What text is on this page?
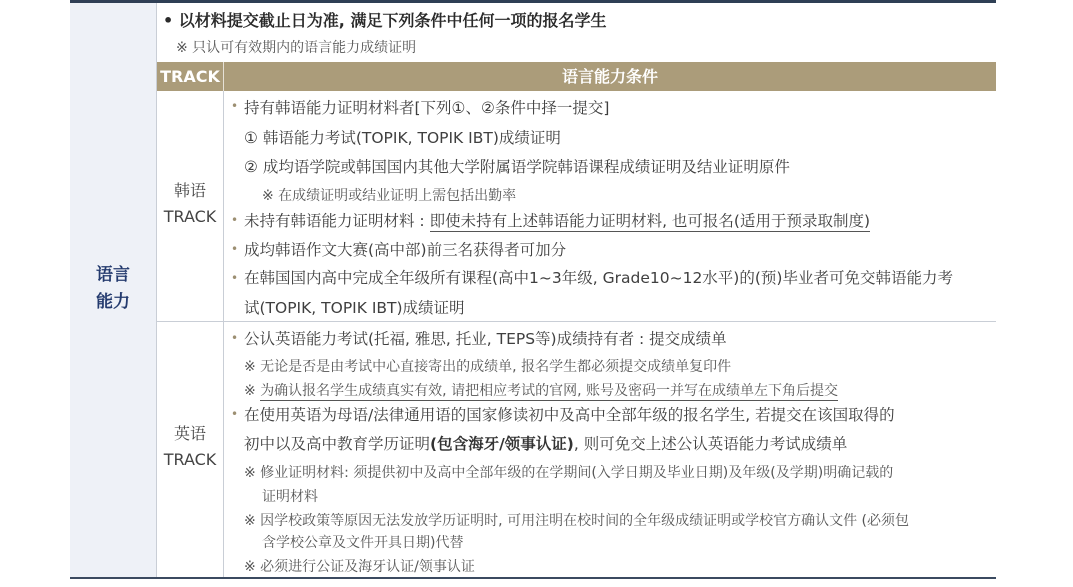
语言
能力
• 以材料提交截止日为准, 满足下列条件中任何一项的报名学生
※ 只认可有效期内的语言能力成绩证明
TRACK	语言能力条件
韩语
TRACK
• 持有韩语能力证明材料者[下列①、②条件中择一提交]
① 韩语能力考试(TOPIK, TOPIK IBT)成绩证明
② 成均语学院或韩国国内其他大学附属语学院韩语课程成绩证明及结业证明原件
※ 在成绩证明或结业证明上需包括出勤率
• 未持有韩语能力证明材料 : 即使未持有上述韩语能力证明材料, 也可报名(适用于预录取制度)
• 成均韩语作文大赛(高中部)前三名获得者可加分
• 在韩国国内高中完成全年级所有课程(高中1~3年级, Grade10~12水平)的(预)毕业者可免交韩语能力考
试(TOPIK, TOPIK IBT)成绩证明
英语
TRACK
• 公认英语能力考试(托福, 雅思, 托业, TEPS等)成绩持有者 : 提交成绩单
※ 无论是否是由考试中心直接寄出的成绩单, 报名学生都必须提交成绩单复印件
※ 为确认报名学生成绩真实有效, 请把相应考试的官网, 账号及密码一并写在成绩单左下角后提交
• 在使用英语为母语/法律通用语的国家修读初中及高中全部年级的报名学生, 若提交在该国取得的
初中以及高中教育学历证明(包含海牙/领事认证), 则可免交上述公认英语能力考试成绩单
※ 修业证明材料: 须提供初中及高中全部年级的在学期间(入学日期及毕业日期)及年级(及学期)明确记载的
证明材料
※ 因学校政策等原因无法发放学历证明时, 可用注明在校时间的全年级成绩证明或学校官方确认文件 (必须包
含学校公章及文件开具日期)代替
※ 必须进行公证及海牙认证/领事认证
